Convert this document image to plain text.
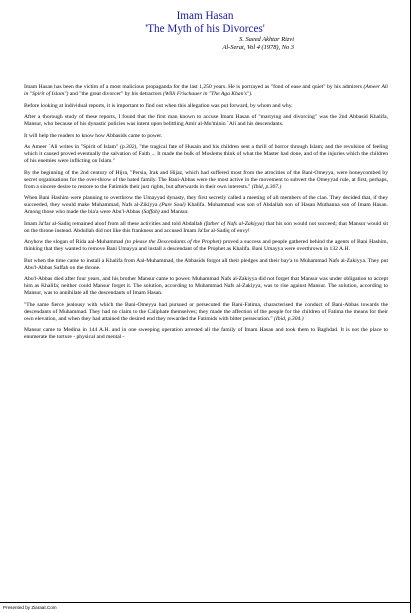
Imam Hasan
'The Myth of his Divorces'
S. Saeed Akhtar Rizvi
Al-Serat, Vol 4 (1978), No 3

Imam Hasan has been the victim of a most malicious propaganda for the last 1,250 years. He is portrayed as "fond of ease and quiet" by his admirers (Ameer Ali in "Spirit of Islam") and "the great divorcer" by his detractors (Willi Frischauer in "The Aga Khan's").

Before looking at individual reports, it is important to find out when this allegation was put forward, by whom and why.

After a thorough study of these reports, I found that the first man known to accuse Imam Hasan of "marrying and divorcing" was the 2nd Abbasid Khalifa, Mansur, who because of his dynastic policies was intent upon belittling Amir al-Mu'minin `Ali and his descendants.

It will help the readers to know how Abbasids came to power.

As Ameer `Ali writes in "Spirit of Islam" (p.302), "the tragical fate of Husain and his children sent a thrill of horror through Islam; and the revulsion of feeling which it caused proved eventually the salvation of Faith ... It made the bulk of Moslems think of what the Master had done, and of the injuries which the children of his enemies were inflicting on Islam."

By the beginning of the 2nd century of Hijra, "Persia, Irak and Hijaz, which had suffered most from the atrocities of the Bani-Omeyya, were honeycombed by secret organisations for the over-throw of the hated family. The Bani-Abbas were the most active in the movement to subvert the Omeyyad rule, at first, perhaps, from a sincere desire to restore to the Fatimids their just rights, but afterwards in their own interests." (Ibid, p.307.)

When Bani Hashim were planning to overthrow the Umayyad dynasty, they first secretly called a meeting of all members of the clan. They decided that, if they succeeded, they would make Muhammad, Nafs al-Zikiyya (Pure Soul) Khalifa. Muhammad was son of Abdallah son of Hasan Muthanna son of Imam Hasan. Among those who made the bia'a were Abu'l-Abbas (Saffah) and Mansur.

Imam Ja'far al-Sadiq remained aloof from all these activities and told Abdallah (father of Nafs al-Zakiyya) that his son would not succeed; that Mansur would sit on the throne instead. Abdullah did not like this frankness and accused Imam Ja'far al-Sadiq of envy!

Anyhow the slogan of Rida aal-Muhammad (to please the Descendants of the Prophet) proved a success and people gathered behind the agents of Bani Hashim, thinking that they wanted to remove Bani Umayya and install a descendant of the Prophet as Khalifa. Bani Umayya were overthrown in 132 A.H.

But when the time came to install a Khalifa from Aal-Muhammad, the Abbasids forgot all their pledges and their bay'a to Muhammad Nafs al-Zakiyya. They put Abu'l-Abbas Saffah on the throne.

Abu'l-Abbas died after four years, and his brother Mansur came to power. Muhammad Nafs al-Zakiyya did not forget that Mansur was under obligation to accept him as Khalifa; neither could Mansur forget it. The solution, according to Muhammad Nafs al-Zakiyya, was to rise against Mansur. The solution, according to Mansur, was to annihilate all the descendants of Imam Hasan.

"The same fierce jealousy with which the Bani-Omeyya had pursued or persecuted the Bani-Fatima, characterised the conduct of Bani-Abbas towards the descendants of Muhammad. They had no claim to the Caliphate themselves; they made the affection of the people for the children of Fatima the means for their own elevation, and when they had attained the desired end they rewarded the Fatimids with bitter persecution." (Ibid, p.304.)

Mansur came to Medina in 144 A.H. and in one sweeping operation arrested all the family of Imam Hasan and took them to Baghdad. It is not the place to enumerate the torture - physical and mental -

Presented by Ziaraat.Com
